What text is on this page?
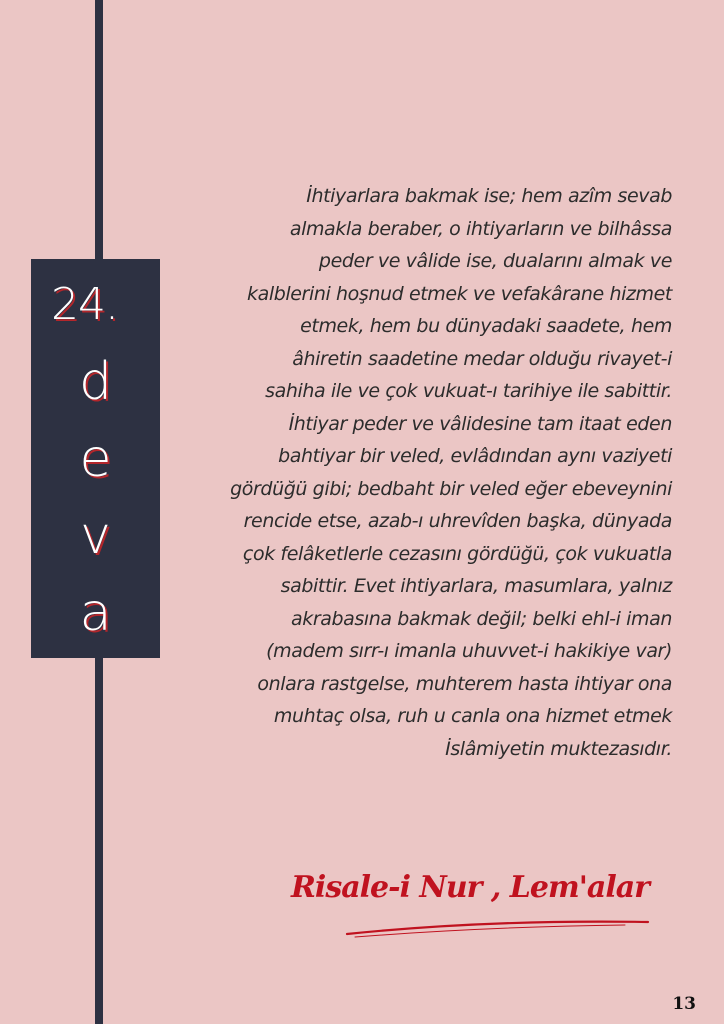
24.
d
e
v
a
İhtiyarlara bakmak ise; hem azîm sevab
almakla beraber, o ihtiyarların ve bilhâssa
peder ve vâlide ise, dualarını almak ve
kalblerini hoşnud etmek ve vefakârane hizmet
etmek, hem bu dünyadaki saadete, hem
âhiretin saadetine medar olduğu rivayet-i
sahiha ile ve çok vukuat-ı tarihiye ile sabittir.
İhtiyar peder ve vâlidesine tam itaat eden
bahtiyar bir veled, evlâdından aynı vaziyeti
gördüğü gibi; bedbaht bir veled eğer ebeveynini
rencide etse, azab-ı uhrevîden başka, dünyada
çok felâketlerle cezasını gördüğü, çok vukuatla
sabittir. Evet ihtiyarlara, masumlara, yalnız
akrabasına bakmak değil; belki ehl-i iman
(madem sırr-ı imanla uhuvvet-i hakikiye var)
onlara rastgelse, muhterem hasta ihtiyar ona
muhtaç olsa, ruh u canla ona hizmet etmek
İslâmiyetin muktezasıdır.
Risale-i Nur , Lem'alar
13
